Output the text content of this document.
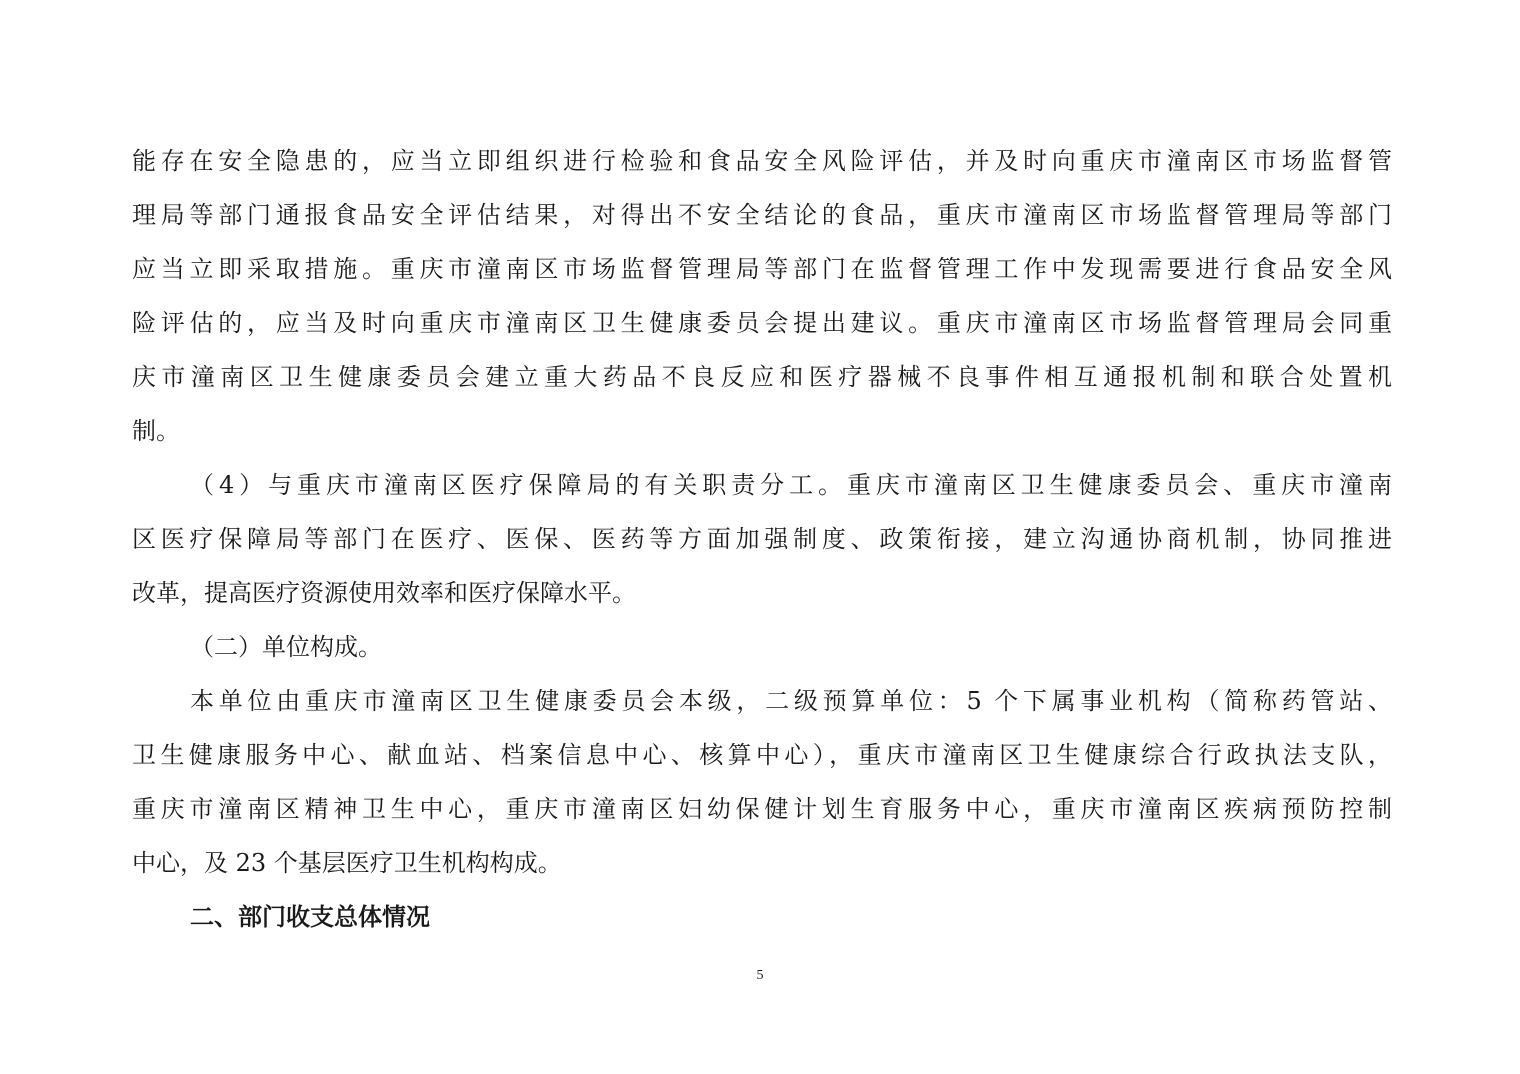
能存在安全隐患的，应当立即组织进行检验和食品安全风险评估，并及时向重庆市潼南区市场监督管
理局等部门通报食品安全评估结果，对得出不安全结论的食品，重庆市潼南区市场监督管理局等部门
应当立即采取措施。重庆市潼南区市场监督管理局等部门在监督管理工作中发现需要进行食品安全风
险评估的，应当及时向重庆市潼南区卫生健康委员会提出建议。重庆市潼南区市场监督管理局会同重
庆市潼南区卫生健康委员会建立重大药品不良反应和医疗器械不良事件相互通报机制和联合处置机
制。
（4）与重庆市潼南区医疗保障局的有关职责分工。重庆市潼南区卫生健康委员会、重庆市潼南
区医疗保障局等部门在医疗、医保、医药等方面加强制度、政策衔接，建立沟通协商机制，协同推进
改革，提高医疗资源使用效率和医疗保障水平。
（二）单位构成。
本单位由重庆市潼南区卫生健康委员会本级，二级预算单位：5 个下属事业机构（简称药管站、
卫生健康服务中心、献血站、档案信息中心、核算中心），重庆市潼南区卫生健康综合行政执法支队，
重庆市潼南区精神卫生中心，重庆市潼南区妇幼保健计划生育服务中心，重庆市潼南区疾病预防控制
中心，及 23 个基层医疗卫生机构构成。
二、部门收支总体情况
5
